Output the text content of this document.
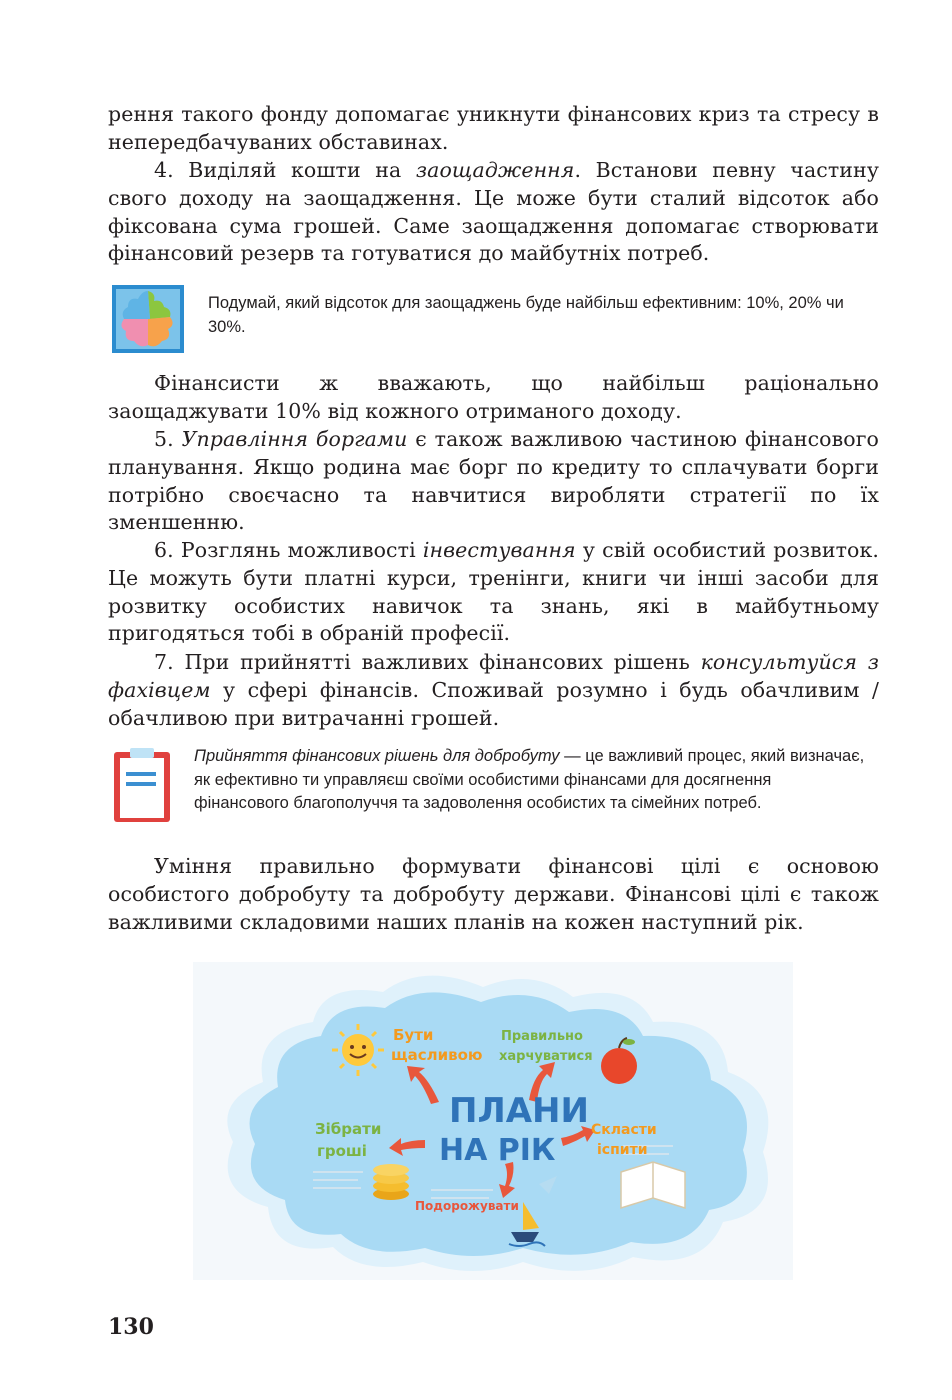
рення такого фонду допомагає уникнути фінансових криз та стресу в непередбачуваних обставинах.
4. Виділяй кошти на заощадження. Встанови певну частину свого доходу на заощадження. Це може бути сталий відсоток або фіксована сума грошей. Саме заощадження допомагає створювати фінансовий резерв та готуватися до майбутніх потреб.
Подумай, який відсоток для заощаджень буде найбільш ефективним: 10%, 20% чи 30%.
Фінансисти ж вважають, що найбільш раціонально заощаджувати 10% від кожного отриманого доходу.
5. Управління боргами є також важливою частиною фінансового планування. Якщо родина має борг по кредиту то сплачувати борги потрібно своєчасно та навчитися виробляти стратегії по їх зменшенню.
6. Розглянь можливості інвестування у свій особистий розвиток. Це можуть бути платні курси, тренінги, книги чи інші засоби для розвитку особистих навичок та знань, які в майбутньому пригодяться тобі в обраній професії.
7. При прийнятті важливих фінансових рішень консультуйся з фахівцем у сфері фінансів. Споживай розумно і будь обачливим / обачливою при витрачанні грошей.
Прийняття фінансових рішень для добробуту — це важливий процес, який визначає, як ефективно ти управляєш своїми особистими фінансами для досягнення фінансового благополуччя та задоволення особистих та сімейних потреб.
Уміння правильно формувати фінансові цілі є основою особистого добробуту та добробуту держави. Фінансові цілі є також важливими складовими наших планів на кожен наступний рік.
ПЛАНИ
НА РІК
Бути
щасливою
Правильно
харчуватися
Зібрати
гроші
Скласти
іспити
Подорожувати
130
